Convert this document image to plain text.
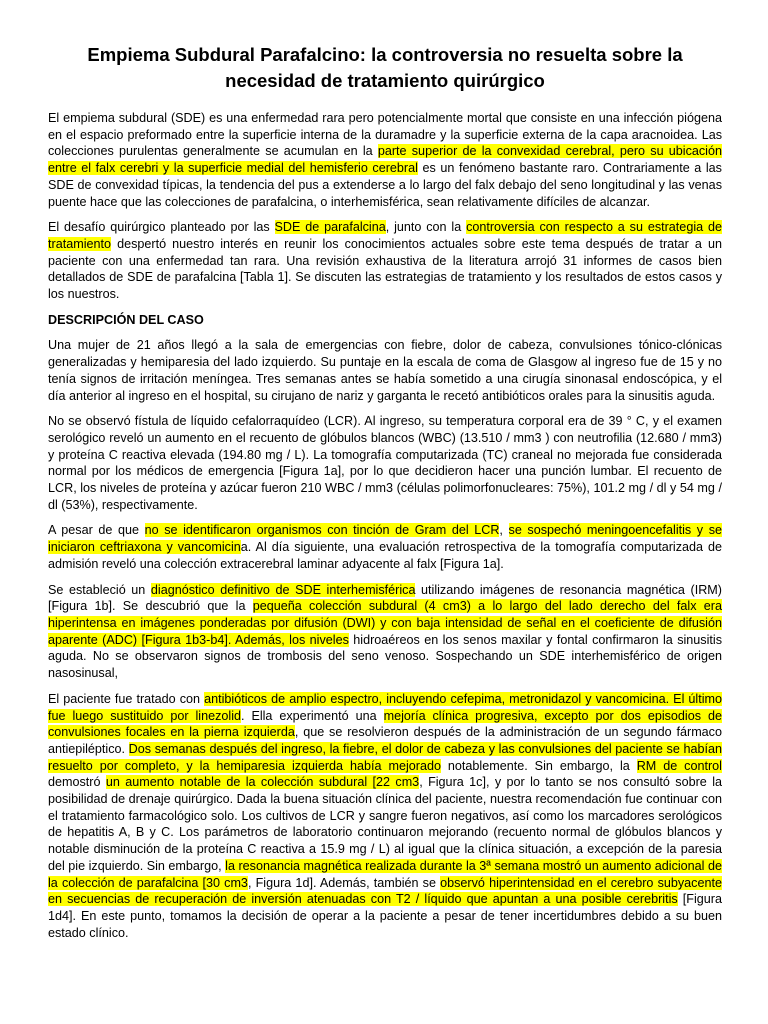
Empiema Subdural Parafalcino: la controversia no resuelta sobre la necesidad de tratamiento quirúrgico

El empiema subdural (SDE) es una enfermedad rara pero potencialmente mortal que consiste en una infección piógena en el espacio preformado entre la superficie interna de la duramadre y la superficie externa de la capa aracnoidea. Las colecciones purulentas generalmente se acumulan en la parte superior de la convexidad cerebral, pero su ubicación entre el falx cerebri y la superficie medial del hemisferio cerebral es un fenómeno bastante raro. Contrariamente a las SDE de convexidad típicas, la tendencia del pus a extenderse a lo largo del falx debajo del seno longitudinal y las venas puente hace que las colecciones de parafalcina, o interhemisférica, sean relativamente difíciles de alcanzar.

El desafío quirúrgico planteado por las SDE de parafalcina, junto con la controversia con respecto a su estrategia de tratamiento despertó nuestro interés en reunir los conocimientos actuales sobre este tema después de tratar a un paciente con una enfermedad tan rara. Una revisión exhaustiva de la literatura arrojó 31 informes de casos bien detallados de SDE de parafalcina [Tabla 1]. Se discuten las estrategias de tratamiento y los resultados de estos casos y los nuestros.

DESCRIPCIÓN DEL CASO

Una mujer de 21 años llegó a la sala de emergencias con fiebre, dolor de cabeza, convulsiones tónico-clónicas generalizadas y hemiparesia del lado izquierdo. Su puntaje en la escala de coma de Glasgow al ingreso fue de 15 y no tenía signos de irritación meníngea. Tres semanas antes se había sometido a una cirugía sinonasal endoscópica, y el día anterior al ingreso en el hospital, su cirujano de nariz y garganta le recetó antibióticos orales para la sinusitis aguda.

No se observó fístula de líquido cefalorraquídeo (LCR). Al ingreso, su temperatura corporal era de 39 ° C, y el examen serológico reveló un aumento en el recuento de glóbulos blancos (WBC) (13.510 / mm3 ) con neutrofilia (12.680 / mm3) y proteína C reactiva elevada (194.80 mg / L). La tomografía computarizada (TC) craneal no mejorada fue considerada normal por los médicos de emergencia [Figura 1a], por lo que decidieron hacer una punción lumbar. El recuento de LCR, los niveles de proteína y azúcar fueron 210 WBC / mm3 (células polimorfonucleares: 75%), 101.2 mg / dl y 54 mg / dl (53%), respectivamente.

A pesar de que no se identificaron organismos con tinción de Gram del LCR, se sospechó meningoencefalitis y se iniciaron ceftriaxona y vancomicina. Al día siguiente, una evaluación retrospectiva de la tomografía computarizada de admisión reveló una colección extracerebral laminar adyacente al falx [Figura 1a].

Se estableció un diagnóstico definitivo de SDE interhemisférica utilizando imágenes de resonancia magnética (IRM) [Figura 1b]. Se descubrió que la pequeña colección subdural (4 cm3) a lo largo del lado derecho del falx era hiperintensa en imágenes ponderadas por difusión (DWI) y con baja intensidad de señal en el coeficiente de difusión aparente (ADC) [Figura 1b3-b4]. Además, los niveles hidroaéreos en los senos maxilar y fontal confirmaron la sinusitis aguda. No se observaron signos de trombosis del seno venoso. Sospechando un SDE interhemisférico de origen nasosinusal,

El paciente fue tratado con antibióticos de amplio espectro, incluyendo cefepima, metronidazol y vancomicina. El último fue luego sustituido por linezolid. Ella experimentó una mejoría clínica progresiva, excepto por dos episodios de convulsiones focales en la pierna izquierda, que se resolvieron después de la administración de un segundo fármaco antiepiléptico. Dos semanas después del ingreso, la fiebre, el dolor de cabeza y las convulsiones del paciente se habían resuelto por completo, y la hemiparesia izquierda había mejorado notablemente. Sin embargo, la RM de control demostró un aumento notable de la colección subdural [22 cm3, Figura 1c], y por lo tanto se nos consultó sobre la posibilidad de drenaje quirúrgico. Dada la buena situación clínica del paciente, nuestra recomendación fue continuar con el tratamiento farmacológico solo. Los cultivos de LCR y sangre fueron negativos, así como los marcadores serológicos de hepatitis A, B y C. Los parámetros de laboratorio continuaron mejorando (recuento normal de glóbulos blancos y notable disminución de la proteína C reactiva a 15.9 mg / L) al igual que la clínica situación, a excepción de la paresia del pie izquierdo. Sin embargo, la resonancia magnética realizada durante la 3ª semana mostró un aumento adicional de la colección de parafalcina [30 cm3, Figura 1d]. Además, también se observó hiperintensidad en el cerebro subyacente en secuencias de recuperación de inversión atenuadas con T2 / líquido que apuntan a una posible cerebritis [Figura 1d4]. En este punto, tomamos la decisión de operar a la paciente a pesar de tener incertidumbres debido a su buen estado clínico.
